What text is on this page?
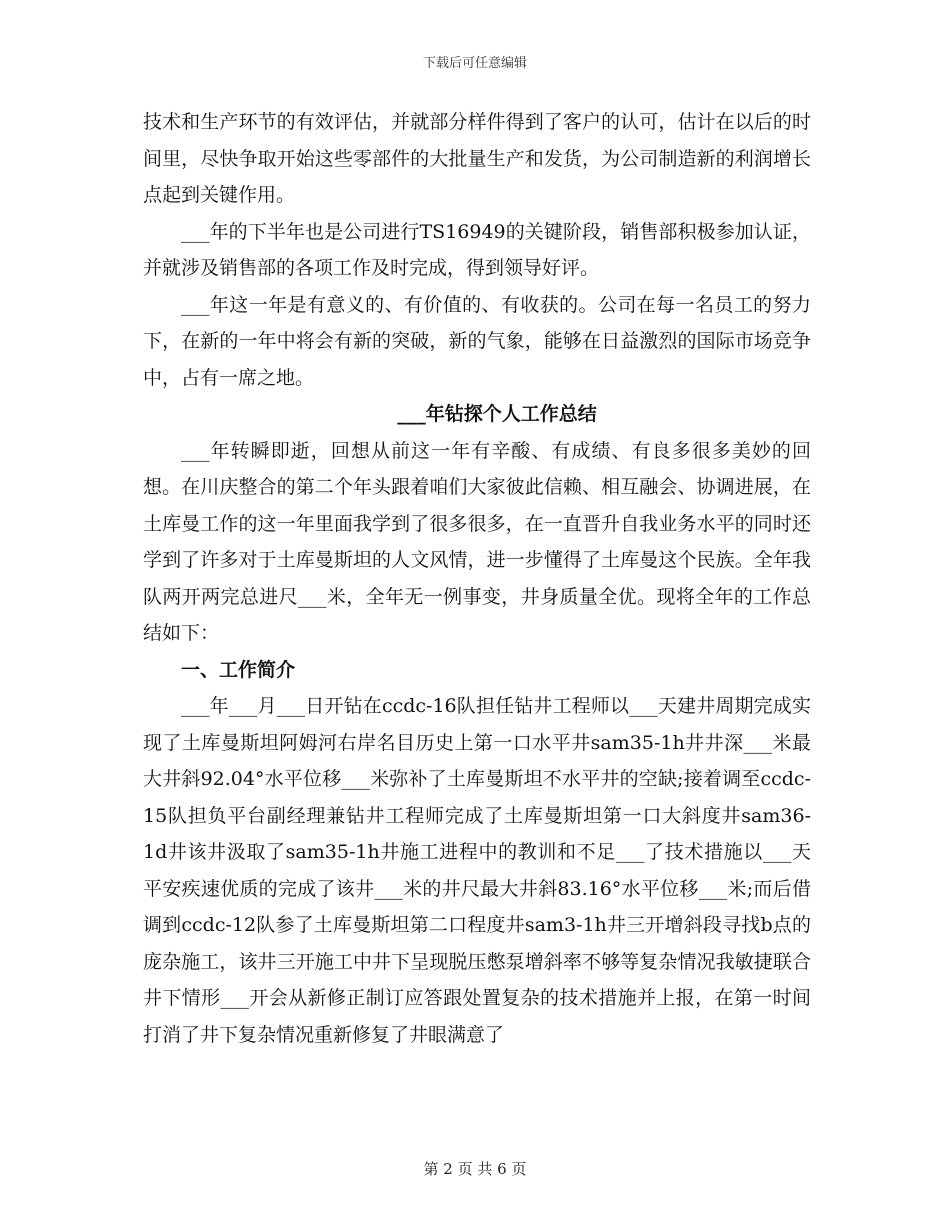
下载后可任意编辑

技术和生产环节的有效评估，并就部分样件得到了客户的认可，估计在以后的时间里，尽快争取开始这些零部件的大批量生产和发货，为公司制造新的利润增长点起到关键作用。

___年的下半年也是公司进行TS16949的关键阶段，销售部积极参加认证，并就涉及销售部的各项工作及时完成，得到领导好评。

___年这一年是有意义的、有价值的、有收获的。公司在每一名员工的努力下，在新的一年中将会有新的突破，新的气象，能够在日益激烈的国际市场竞争中，占有一席之地。

___年钻探个人工作总结

___年转瞬即逝，回想从前这一年有辛酸、有成绩、有良多很多美妙的回想。在川庆整合的第二个年头跟着咱们大家彼此信赖、相互融会、协调进展，在土库曼工作的这一年里面我学到了很多很多，在一直晋升自我业务水平的同时还学到了许多对于土库曼斯坦的人文风情，进一步懂得了土库曼这个民族。全年我队两开两完总进尺___米，全年无一例事变，井身质量全优。现将全年的工作总结如下：

一、工作简介

___年___月___日开钻在ccdc-16队担任钻井工程师以___天建井周期完成实现了土库曼斯坦阿姆河右岸名目历史上第一口水平井sam35-1h井井深___米最大井斜92.04°水平位移___米弥补了土库曼斯坦不水平井的空缺;接着调至ccdc-15队担负平台副经理兼钻井工程师完成了土库曼斯坦第一口大斜度井sam36-1d井该井汲取了sam35-1h井施工进程中的教训和不足___了技术措施以___天平安疾速优质的完成了该井___米的井尺最大井斜83.16°水平位移___米;而后借调到ccdc-12队参了土库曼斯坦第二口程度井sam3-1h井三开增斜段寻找b点的庞杂施工，该井三开施工中井下呈现脱压憋泵增斜率不够等复杂情况我敏捷联合井下情形___开会从新修正制订应答跟处置复杂的技术措施并上报，在第一时间打消了井下复杂情况重新修复了井眼满意了

第 2 页 共 6 页
